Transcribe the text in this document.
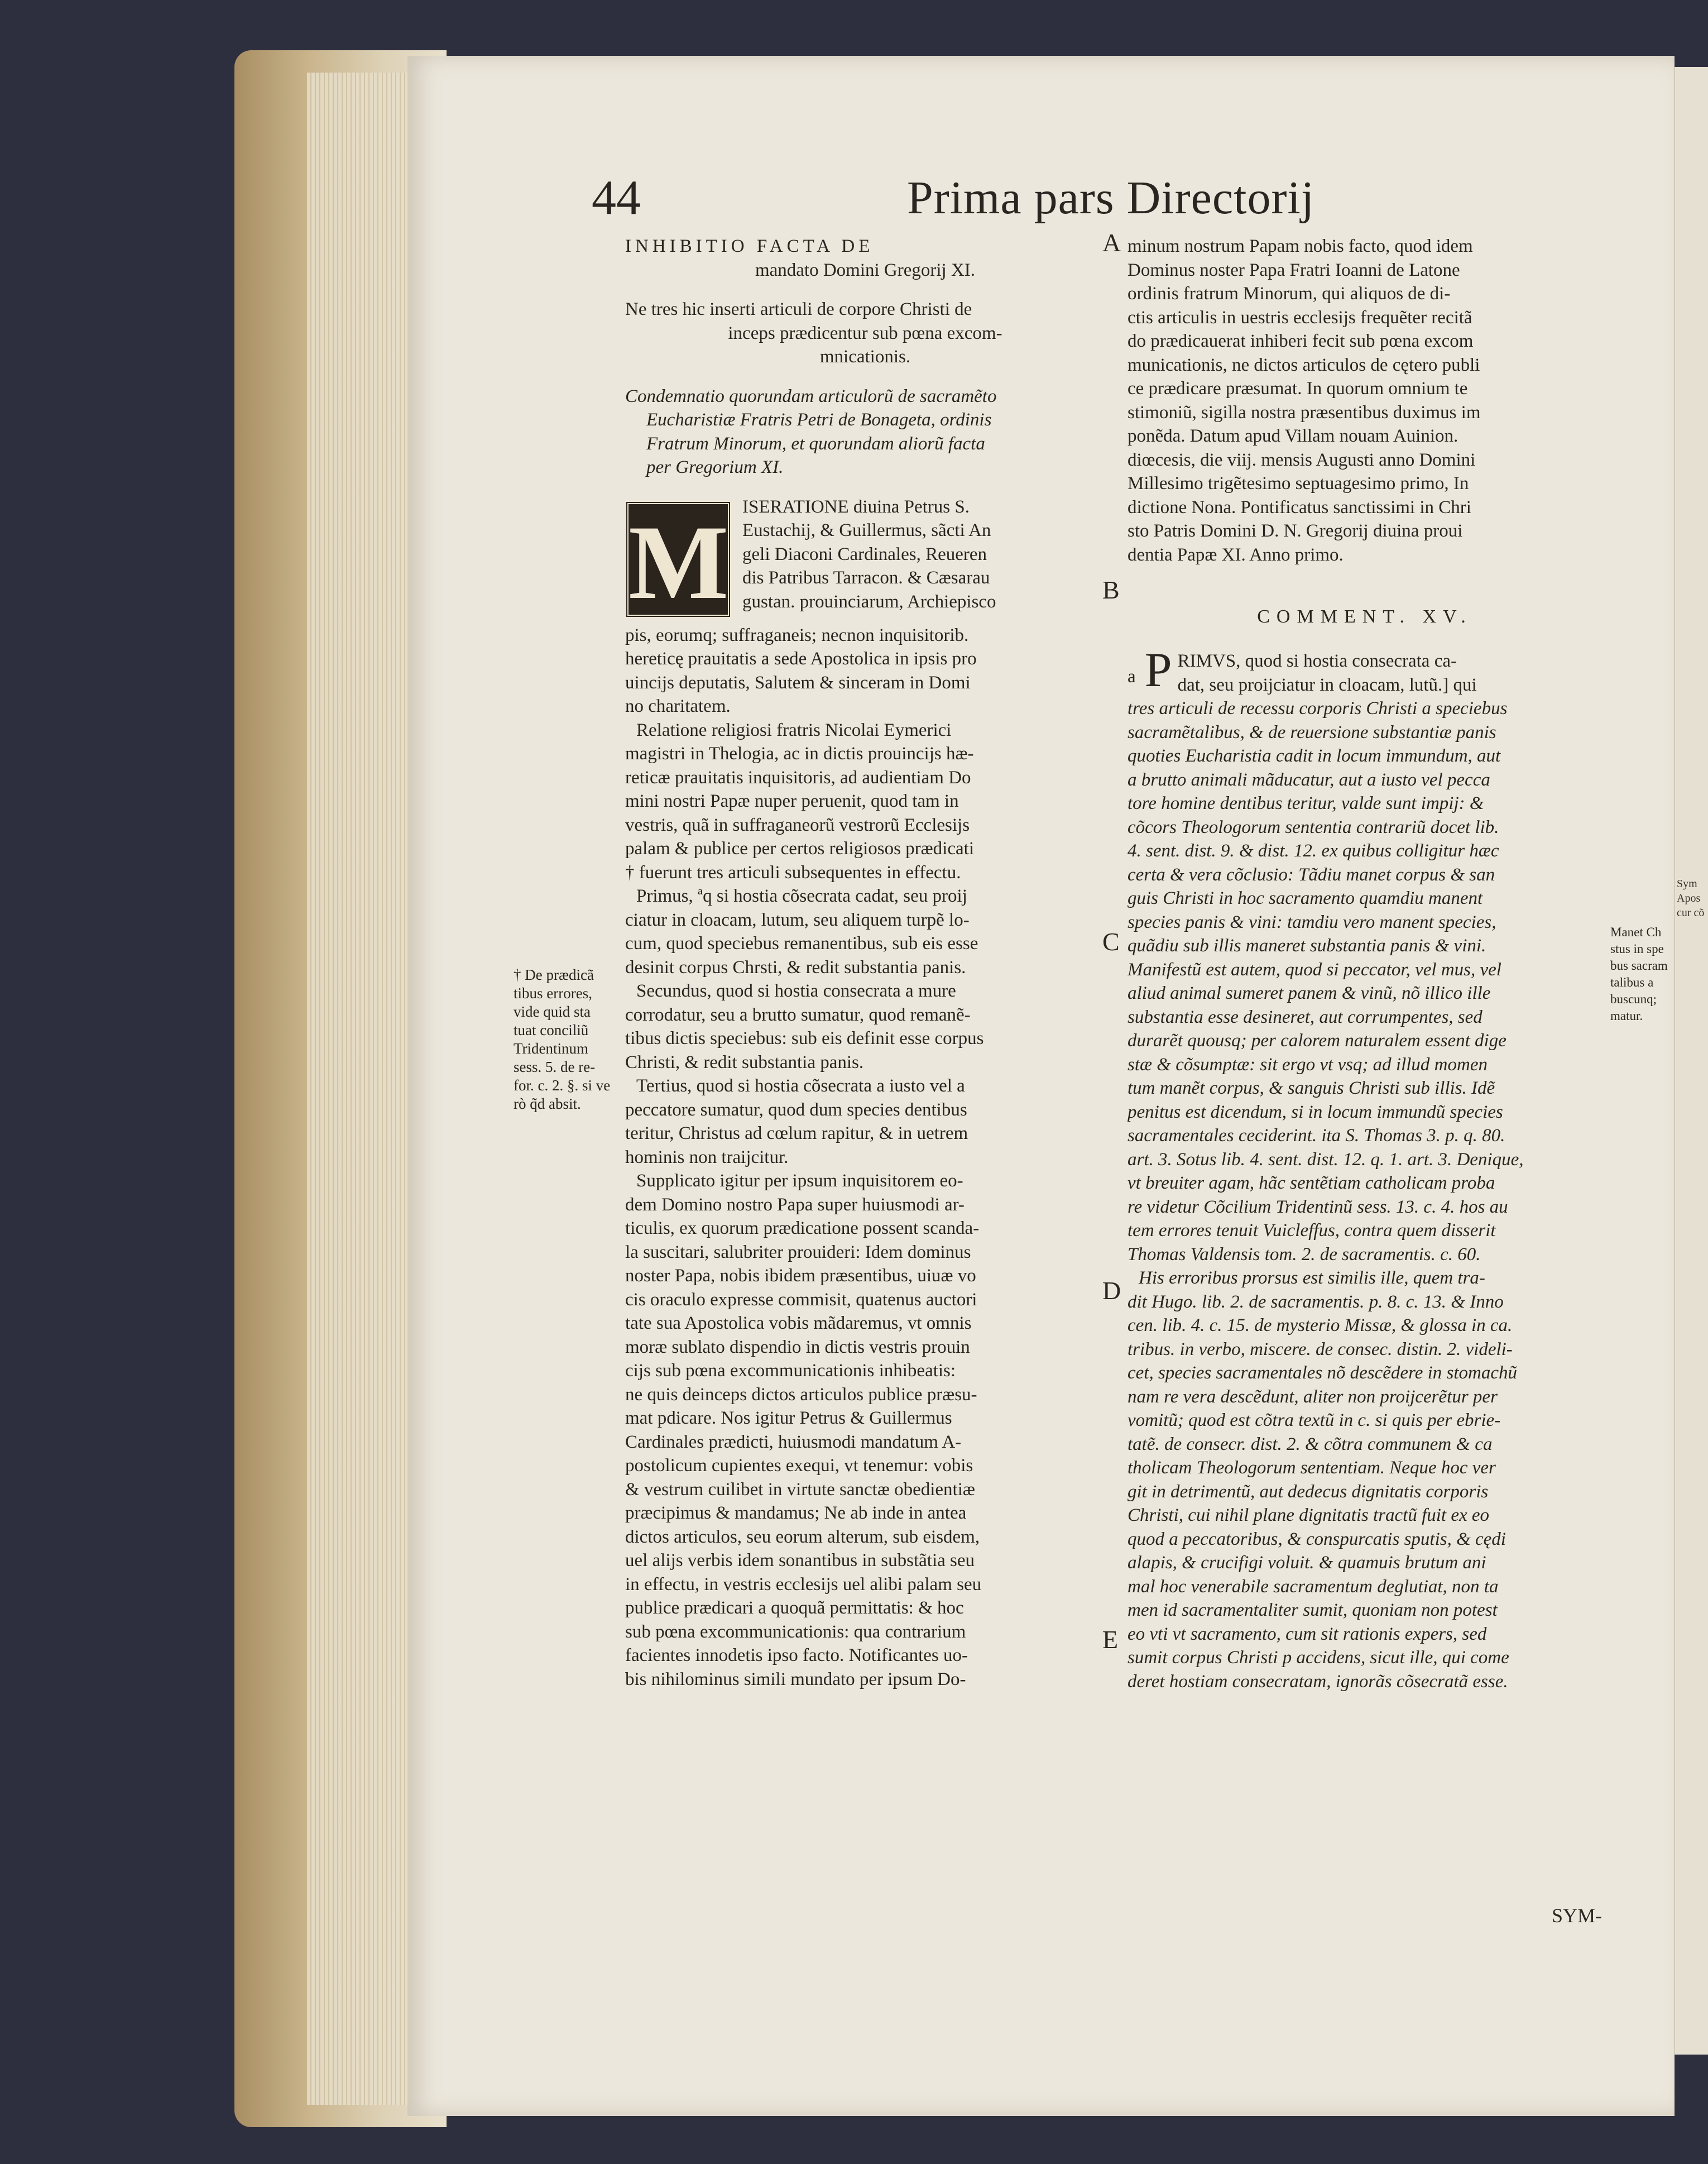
Sym
Apos
cur cõ
44	Prima pars Directorij
INHIBITIO FACTA DE
mandato Domini Gregorij XI.
Ne tres hic inserti articuli de corpore Christi de
inceps prædicentur sub pœna excom-
mnicationis.
Condemnatio quorundam articulorũ de sacramẽto
Eucharistiæ Fratris Petri de Bonageta, ordinis
Fratrum Minorum, et quorundam aliorũ facta
per Gregorium XI.
M ISERATIONE diuina Petrus S.
Eustachij, & Guillermus, sãcti An
geli Diaconi Cardinales, Reueren
dis Patribus Tarracon. & Cæsarau
gustan. prouinciarum, Archiepisco
pis, eorumq; suffraganeis; necnon inquisitorib.
hereticę prauitatis a sede Apostolica in ipsis pro
uincijs deputatis, Salutem & sinceram in Domi
no charitatem.
Relatione religiosi fratris Nicolai Eymerici
magistri in Thelogia, ac in dictis prouincijs hæ-
reticæ prauitatis inquisitoris, ad audientiam Do
mini nostri Papæ nuper peruenit, quod tam in
vestris, quã in suffraganeorũ vestrorũ Ecclesijs
palam & publice per certos religiosos prædicati
† fuerunt tres articuli subsequentes in effectu.
Primus, ªq si hostia cõsecrata cadat, seu proij
ciatur in cloacam, lutum, seu aliquem turpẽ lo-
cum, quod speciebus remanentibus, sub eis esse
desinit corpus Chrsti, & redit substantia panis.
Secundus, quod si hostia consecrata a mure
corrodatur, seu a brutto sumatur, quod remanẽ-
tibus dictis speciebus: sub eis definit esse corpus
Christi, & redit substantia panis.
Tertius, quod si hostia cõsecrata a iusto vel a
peccatore sumatur, quod dum species dentibus
teritur, Christus ad cœlum rapitur, & in uetrem
hominis non traijcitur.
Supplicato igitur per ipsum inquisitorem eo-
dem Domino nostro Papa super huiusmodi ar-
ticulis, ex quorum prædicatione possent scanda-
la suscitari, salubriter prouideri: Idem dominus
noster Papa, nobis ibidem præsentibus, uiuæ vo
cis oraculo expresse commisit, quatenus auctori
tate sua Apostolica vobis mãdaremus, vt omnis
moræ sublato dispendio in dictis vestris prouin
cijs sub pœna excommunicationis inhibeatis:
ne quis deinceps dictos articulos publice præsu-
mat pdicare. Nos igitur Petrus & Guillermus
Cardinales prædicti, huiusmodi mandatum A-
postolicum cupientes exequi, vt tenemur: vobis
& vestrum cuilibet in virtute sanctæ obedientiæ
præcipimus & mandamus; Ne ab inde in antea
dictos articulos, seu eorum alterum, sub eisdem,
uel alijs verbis idem sonantibus in substãtia seu
in effectu, in vestris ecclesijs uel alibi palam seu
publice prædicari a quoquã permittatis: & hoc
sub pœna excommunicationis: qua contrarium
facientes innodetis ipso facto. Notificantes uo-
bis nihilominus simili mundato per ipsum Do-
† De prædicã
tibus errores,
vide quid sta
tuat conciliũ
Tridentinum
sess. 5. de re-
for. c. 2. §. si ve
rò q̃d absit.
A
B
C
D
E
minum nostrum Papam nobis facto, quod idem
Dominus noster Papa Fratri Ioanni de Latone
ordinis fratrum Minorum, qui aliquos de di-
ctis articulis in uestris ecclesijs frequẽter recitã
do prædicauerat inhiberi fecit sub pœna excom
municationis, ne dictos articulos de cętero publi
ce prædicare præsumat. In quorum omnium te
stimoniũ, sigilla nostra præsentibus duximus im
ponẽda. Datum apud Villam nouam Auinion.
diœcesis, die viij. mensis Augusti anno Domini
Millesimo trigẽtesimo septuagesimo primo, In
dictione Nona. Pontificatus sanctissimi in Chri
sto Patris Domini D. N. Gregorij diuina proui
dentia Papæ XI. Anno primo.
COMMENT. XV.
a P RIMVS, quod si hostia consecrata ca-
dat, seu proijciatur in cloacam, lutũ.] qui
tres articuli de recessu corporis Christi a speciebus
sacramẽtalibus, & de reuersione substantiæ panis
quoties Eucharistia cadit in locum immundum, aut
a brutto animali mãducatur, aut a iusto vel pecca
tore homine dentibus teritur, valde sunt impij: &
cõcors Theologorum sententia contrariũ docet lib.
4. sent. dist. 9. & dist. 12. ex quibus colligitur hæc
certa & vera cõclusio: Tãdiu manet corpus & san
guis Christi in hoc sacramento quamdiu manent
species panis & vini: tamdiu vero manent species,
quãdiu sub illis maneret substantia panis & vini.
Manifestũ est autem, quod si peccator, vel mus, vel
aliud animal sumeret panem & vinũ, nõ illico ille
substantia esse desineret, aut corrumpentes, sed
durarẽt quousq; per calorem naturalem essent dige
stæ & cõsumptæ: sit ergo vt vsq; ad illud momen
tum manẽt corpus, & sanguis Christi sub illis. Idẽ
penitus est dicendum, si in locum immundũ species
sacramentales ceciderint. ita S. Thomas 3. p. q. 80.
art. 3. Sotus lib. 4. sent. dist. 12. q. 1. art. 3. Denique,
vt breuiter agam, hãc sentẽtiam catholicam proba
re videtur Cõcilium Tridentinũ sess. 13. c. 4. hos au
tem errores tenuit Vuicleffus, contra quem disserit
Thomas Valdensis tom. 2. de sacramentis. c. 60.
His erroribus prorsus est similis ille, quem tra-
dit Hugo. lib. 2. de sacramentis. p. 8. c. 13. & Inno
cen. lib. 4. c. 15. de mysterio Missæ, & glossa in ca.
tribus. in verbo, miscere. de consec. distin. 2. videli-
cet, species sacramentales nõ descẽdere in stomachũ
nam re vera descẽdunt, aliter non proijcerẽtur per
vomitũ; quod est cõtra textũ in c. si quis per ebrie-
tatẽ. de consecr. dist. 2. & cõtra communem & ca
tholicam Theologorum sententiam. Neque hoc ver
git in detrimentũ, aut dedecus dignitatis corporis
Christi, cui nihil plane dignitatis tractũ fuit ex eo
quod a peccatoribus, & conspurcatis sputis, & cędi
alapis, & crucifigi voluit. & quamuis brutum ani
mal hoc venerabile sacramentum deglutiat, non ta
men id sacramentaliter sumit, quoniam non potest
eo vti vt sacramento, cum sit rationis expers, sed
sumit corpus Christi p accidens, sicut ille, qui come
deret hostiam consecratam, ignorãs cõsecratã esse.
SYM-
Manet Ch
stus in spe
bus sacram
talibus a
buscunq;
matur.
